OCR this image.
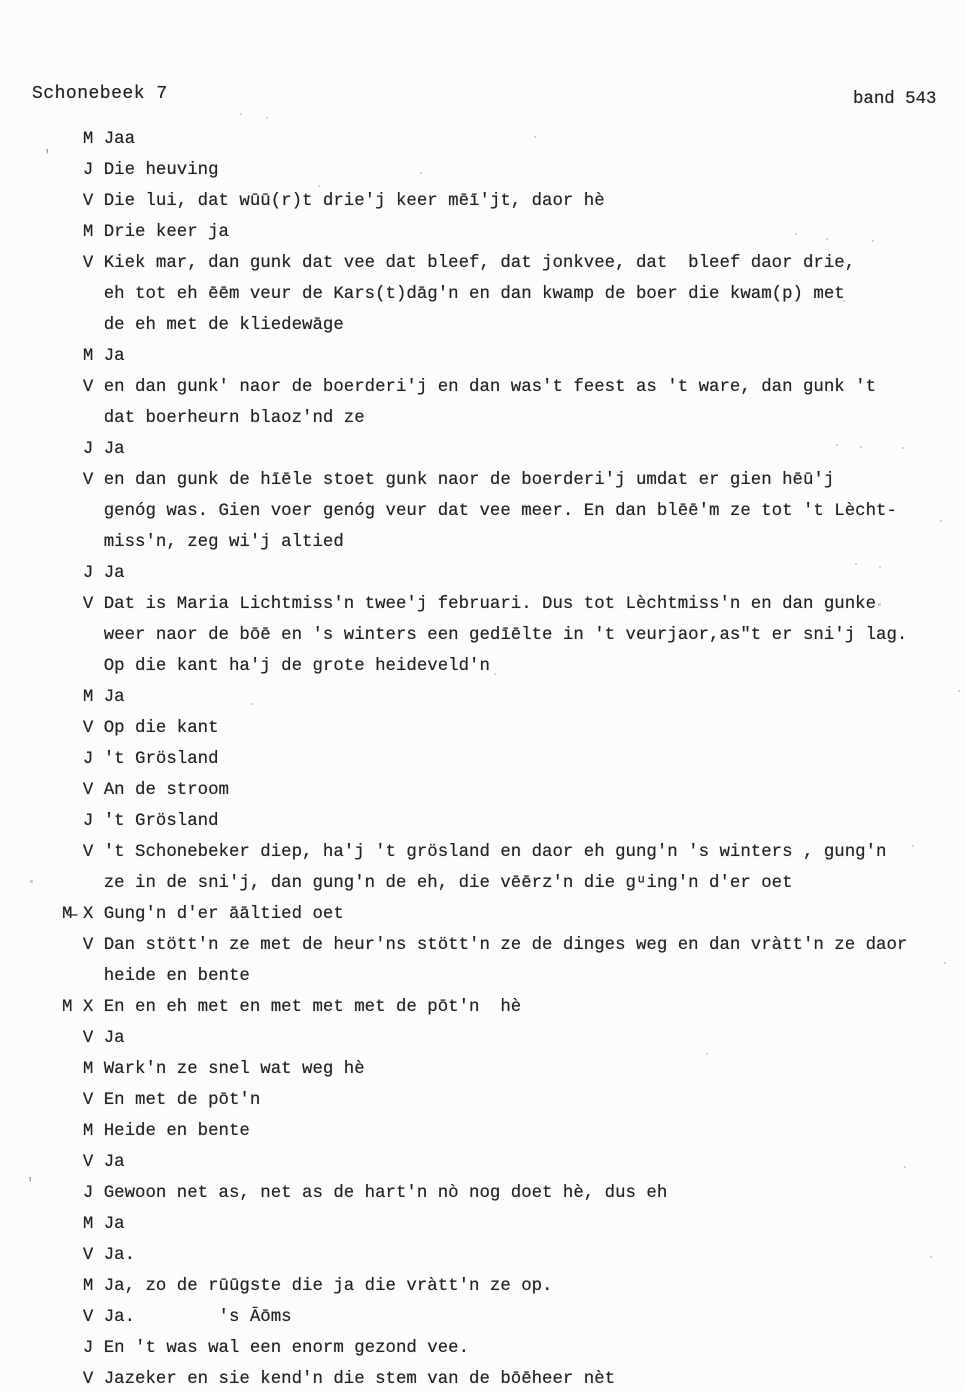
Schonebeek 7	band 543
M Jaa
J Die heuving
V Die lui, dat wūū(r)t drie'j keer mēī'jt, daor hè
M Drie keer ja
V Kiek mar, dan gunk dat vee dat bleef, dat jonkvee, dat  bleef daor drie,
eh tot eh ēēm veur de Kars(t)dāg'n en dan kwamp de boer die kwam(p) met
de eh met de kliedewāge
M Ja
V en dan gunk' naor de boerderi'j en dan was't feest as 't ware, dan gunk 't
dat boerheurn blaoz'nd ze
J Ja
V en dan gunk de hīēle stoet gunk naor de boerderi'j umdat er gien hēū'j
genóg was. Gien voer genóg veur dat vee meer. En dan blēē'm ze tot 't Lècht-
miss'n, zeg wi'j altied
J Ja
V Dat is Maria Lichtmiss'n twee'j februari. Dus tot Lèchtmiss'n en dan gunke
weer naor de bōē en 's winters een gedīēlte in 't veurjaor,as"t er sni'j lag.
Op die kant ha'j de grote heideveld'n
M Ja
V Op die kant
J 't Grösland
V An de stroom
J 't Grösland
V 't Schonebeker diep, ha'j 't grösland en daor eh gung'n 's winters , gung'n
ze in de sni'j, dan gung'n de eh, die vēērz'n die gᵘing'n d'er oet
M̶ X Gung'n d'er āāltied oet
V Dan stött'n ze met de heur'ns stött'n ze de dinges weg en dan vràtt'n ze daor
heide en bente
M X En en eh met en met met met de pōt'n  hè
V Ja
M Wark'n ze snel wat weg hè
V En met de pōt'n
M Heide en bente
V Ja
J Gewoon net as, net as de hart'n nò nog doet hè, dus eh
M Ja
V Ja.
M Ja, zo de rūūgste die ja die vràtt'n ze op.
V Ja.        's Āōms
J En 't was wal een enorm gezond vee.
V Jazeker en sie kend'n die stem van de bōēheer nèt
'
'
